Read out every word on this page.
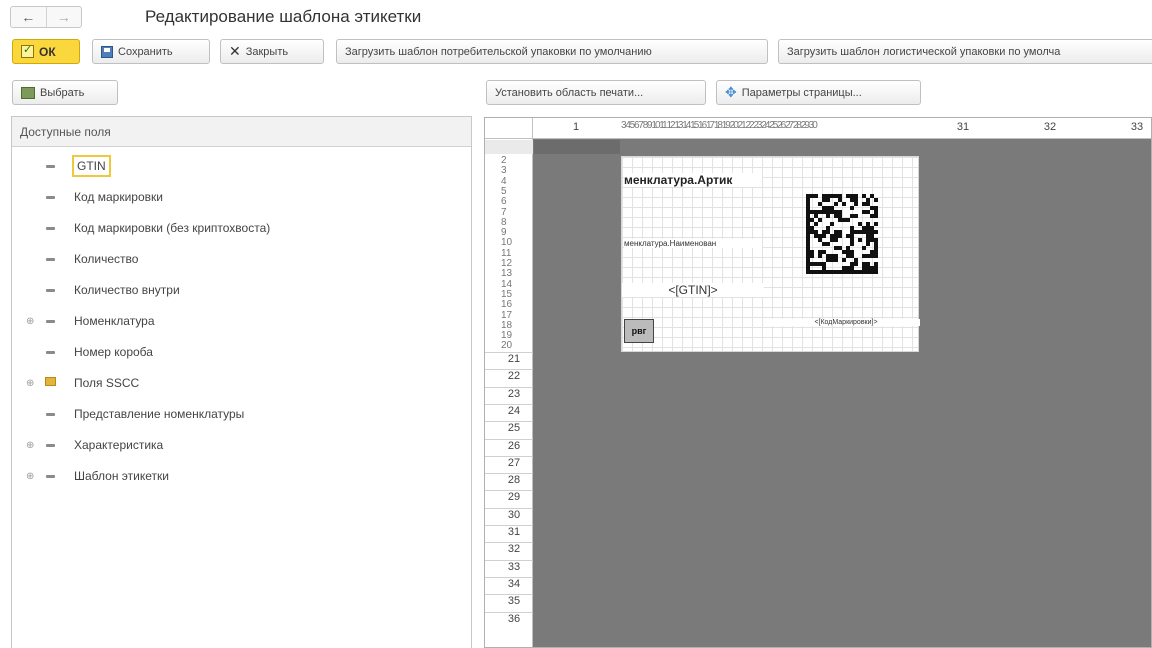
← →	Редактирование шаблона этикетки
✓
ОК	Сохранить	✕ Закрыть	Загрузить шаблон потребительской упаковки по умолчанию	Загрузить шаблон логистической упаковки по умолча
Выбрать	Установить область печати...	✥ Параметры страницы...
Доступные поля
GTIN
Код маркировки
Код маркировки (без криптохвоста)
Количество
Количество внутри
⊕	Номенклатура
Номер короба
⊕	Поля SSCC
Представление номенклатуры
⊕	Характеристика
⊕	Шаблон этикетки
1	3 4 5 6 7 8 9 10 11 12 13 14 15 16 17 18 19 20 21 22 23 24 25 26 27 28 29 30	31	32	33
2
3
4
5
6
7
8
9
10
11
12
13
14
15
16
17
18
19
20
21
22
23
24
25
26
27
28
29
30
31
32
33
34
35
36
менклатура.Артик
менклатура.Наименован
<[GTIN]>
<[КодМаркировки]>
рвг
